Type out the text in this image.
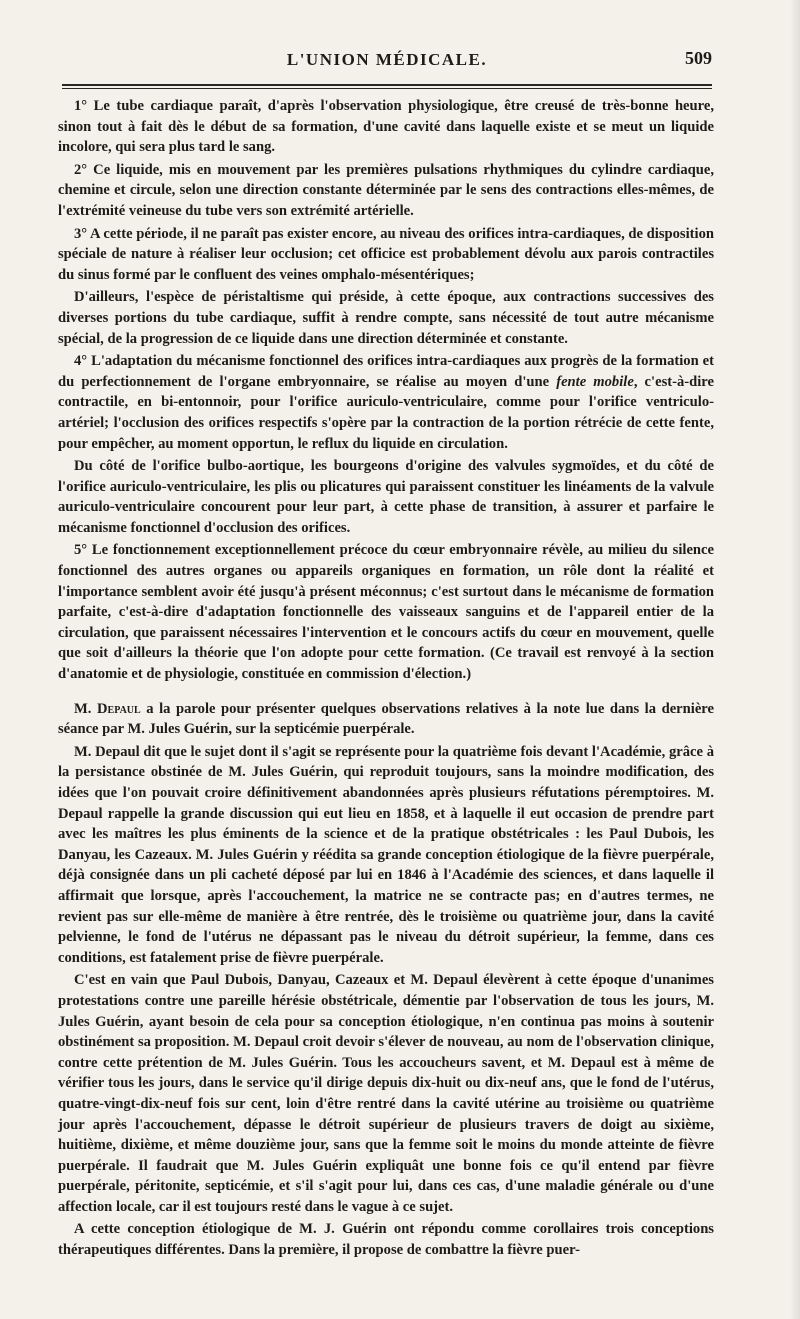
L'UNION MÉDICALE.	509

1° Le tube cardiaque paraît, d'après l'observation physiologique, être creusé de très-bonne heure, sinon tout à fait dès le début de sa formation, d'une cavité dans laquelle existe et se meut un liquide incolore, qui sera plus tard le sang.

2° Ce liquide, mis en mouvement par les premières pulsations rhythmiques du cylindre cardiaque, chemine et circule, selon une direction constante déterminée par le sens des contractions elles-mêmes, de l'extrémité veineuse du tube vers son extrémité artérielle.

3° A cette période, il ne paraît pas exister encore, au niveau des orifices intra-cardiaques, de disposition spéciale de nature à réaliser leur occlusion; cet officice est probablement dévolu aux parois contractiles du sinus formé par le confluent des veines omphalo-mésentériques;

D'ailleurs, l'espèce de péristaltisme qui préside, à cette époque, aux contractions successives des diverses portions du tube cardiaque, suffit à rendre compte, sans nécessité de tout autre mécanisme spécial, de la progression de ce liquide dans une direction déterminée et constante.

4° L'adaptation du mécanisme fonctionnel des orifices intra-cardiaques aux progrès de la formation et du perfectionnement de l'organe embryonnaire, se réalise au moyen d'une fente mobile, c'est-à-dire contractile, en bi-entonnoir, pour l'orifice auriculo-ventriculaire, comme pour l'orifice ventriculo-artériel; l'occlusion des orifices respectifs s'opère par la contraction de la portion rétrécie de cette fente, pour empêcher, au moment opportun, le reflux du liquide en circulation.

Du côté de l'orifice bulbo-aortique, les bourgeons d'origine des valvules sygmoïdes, et du côté de l'orifice auriculo-ventriculaire, les plis ou plicatures qui paraissent constituer les linéaments de la valvule auriculo-ventriculaire concourent pour leur part, à cette phase de transition, à assurer et parfaire le mécanisme fonctionnel d'occlusion des orifices.

5° Le fonctionnement exceptionnellement précoce du cœur embryonnaire révèle, au milieu du silence fonctionnel des autres organes ou appareils organiques en formation, un rôle dont la réalité et l'importance semblent avoir été jusqu'à présent méconnus; c'est surtout dans le mécanisme de formation parfaite, c'est-à-dire d'adaptation fonctionnelle des vaisseaux sanguins et de l'appareil entier de la circulation, que paraissent nécessaires l'intervention et le concours actifs du cœur en mouvement, quelle que soit d'ailleurs la théorie que l'on adopte pour cette formation. (Ce travail est renvoyé à la section d'anatomie et de physiologie, constituée en commission d'élection.)

M. Depaul a la parole pour présenter quelques observations relatives à la note lue dans la dernière séance par M. Jules Guérin, sur la septicémie puerpérale.

M. Depaul dit que le sujet dont il s'agit se représente pour la quatrième fois devant l'Académie, grâce à la persistance obstinée de M. Jules Guérin, qui reproduit toujours, sans la moindre modification, des idées que l'on pouvait croire définitivement abandonnées après plusieurs réfutations péremptoires. M. Depaul rappelle la grande discussion qui eut lieu en 1858, et à laquelle il eut occasion de prendre part avec les maîtres les plus éminents de la science et de la pratique obstétricales : les Paul Dubois, les Danyau, les Cazeaux. M. Jules Guérin y réédita sa grande conception étiologique de la fièvre puerpérale, déjà consignée dans un pli cacheté déposé par lui en 1846 à l'Académie des sciences, et dans laquelle il affirmait que lorsque, après l'accouchement, la matrice ne se contracte pas; en d'autres termes, ne revient pas sur elle-même de manière à être rentrée, dès le troisième ou quatrième jour, dans la cavité pelvienne, le fond de l'utérus ne dépassant pas le niveau du détroit supérieur, la femme, dans ces conditions, est fatalement prise de fièvre puerpérale.

C'est en vain que Paul Dubois, Danyau, Cazeaux et M. Depaul élevèrent à cette époque d'unanimes protestations contre une pareille hérésie obstétricale, démentie par l'observation de tous les jours, M. Jules Guérin, ayant besoin de cela pour sa conception étiologique, n'en continua pas moins à soutenir obstinément sa proposition. M. Depaul croit devoir s'élever de nouveau, au nom de l'observation clinique, contre cette prétention de M. Jules Guérin. Tous les accoucheurs savent, et M. Depaul est à même de vérifier tous les jours, dans le service qu'il dirige depuis dix-huit ou dix-neuf ans, que le fond de l'utérus, quatre-vingt-dix-neuf fois sur cent, loin d'être rentré dans la cavité utérine au troisième ou quatrième jour après l'accouchement, dépasse le détroit supérieur de plusieurs travers de doigt au sixième, huitième, dixième, et même douzième jour, sans que la femme soit le moins du monde atteinte de fièvre puerpérale. Il faudrait que M. Jules Guérin expliquât une bonne fois ce qu'il entend par fièvre puerpérale, péritonite, septicémie, et s'il s'agit pour lui, dans ces cas, d'une maladie générale ou d'une affection locale, car il est toujours resté dans le vague à ce sujet.

A cette conception étiologique de M. J. Guérin ont répondu comme corollaires trois conceptions thérapeutiques différentes. Dans la première, il propose de combattre la fièvre puer-
